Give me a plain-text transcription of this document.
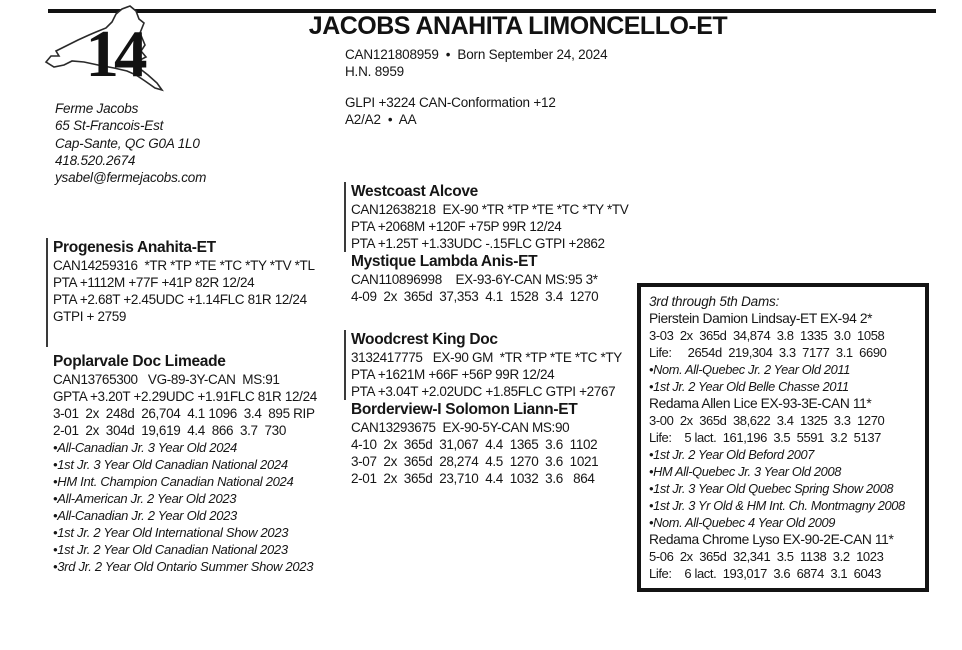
14	JACOBS ANAHITA LIMONCELLO-ET
CAN121808959  •  Born September 24, 2024
H.N. 8959
GLPI +3224 CAN-Conformation +12
A2/A2  •  AA
Ferme Jacobs
65 St-Francois-Est
Cap-Sante, QC G0A 1L0
418.520.2674
ysabel@fermejacobs.com
Progenesis Anahita-ET
CAN14259316  *TR *TP *TE *TC *TY *TV *TL
PTA +1112M +77F +41P 82R 12/24
PTA +2.68T +2.45UDC +1.14FLC 81R 12/24
GTPI + 2759
Poplarvale Doc Limeade
CAN13765300   VG-89-3Y-CAN  MS:91
GPTA +3.20T +2.29UDC +1.91FLC 81R 12/24
3-01  2x  248d  26,704  4.1 1096  3.4  895 RIP
2-01  2x  304d  19,619  4.4  866  3.7  730
•All-Canadian Jr. 3 Year Old 2024
•1st Jr. 3 Year Old Canadian National 2024
•HM Int. Champion Canadian National 2024
•All-American Jr. 2 Year Old 2023
•All-Canadian Jr. 2 Year Old 2023
•1st Jr. 2 Year Old International Show 2023
•1st Jr. 2 Year Old Canadian National 2023
•3rd Jr. 2 Year Old Ontario Summer Show 2023
Westcoast Alcove
CAN12638218  EX-90 *TR *TP *TE *TC *TY *TV
PTA +2068M +120F +75P 99R 12/24
PTA +1.25T +1.33UDC -.15FLC GTPI +2862
Mystique Lambda Anis-ET
CAN110896998    EX-93-6Y-CAN MS:95 3*
4-09  2x  365d  37,353  4.1  1528  3.4  1270
Woodcrest King Doc
3132417775   EX-90 GM  *TR *TP *TE *TC *TY
PTA +1621M +66F +56P 99R 12/24
PTA +3.04T +2.02UDC +1.85FLC GTPI +2767
Borderview-I Solomon Liann-ET
CAN13293675  EX-90-5Y-CAN MS:90
4-10  2x  365d  31,067  4.4  1365  3.6  1102
3-07  2x  365d  28,274  4.5  1270  3.6  1021
2-01  2x  365d  23,710  4.4  1032  3.6   864
3rd through 5th Dams:
Pierstein Damion Lindsay-ET EX-94 2*
3-03  2x  365d  34,874  3.8  1335  3.0  1058
Life:     2654d  219,304  3.3  7177  3.1  6690
•Nom. All-Quebec Jr. 2 Year Old 2011
•1st Jr. 2 Year Old Belle Chasse 2011
Redama Allen Lice EX-93-3E-CAN 11*
3-00  2x  365d  38,622  3.4  1325  3.3  1270
Life:    5 lact.  161,196  3.5  5591  3.2  5137
•1st Jr. 2 Year Old Beford 2007
•HM All-Quebec Jr. 3 Year Old 2008
•1st Jr. 3 Year Old Quebec Spring Show 2008
•1st Jr. 3 Yr Old & HM Int. Ch. Montmagny 2008
•Nom. All-Quebec 4 Year Old 2009
Redama Chrome Lyso EX-90-2E-CAN 11*
5-06  2x  365d  32,341  3.5  1138  3.2  1023
Life:    6 lact.  193,017  3.6  6874  3.1  6043
